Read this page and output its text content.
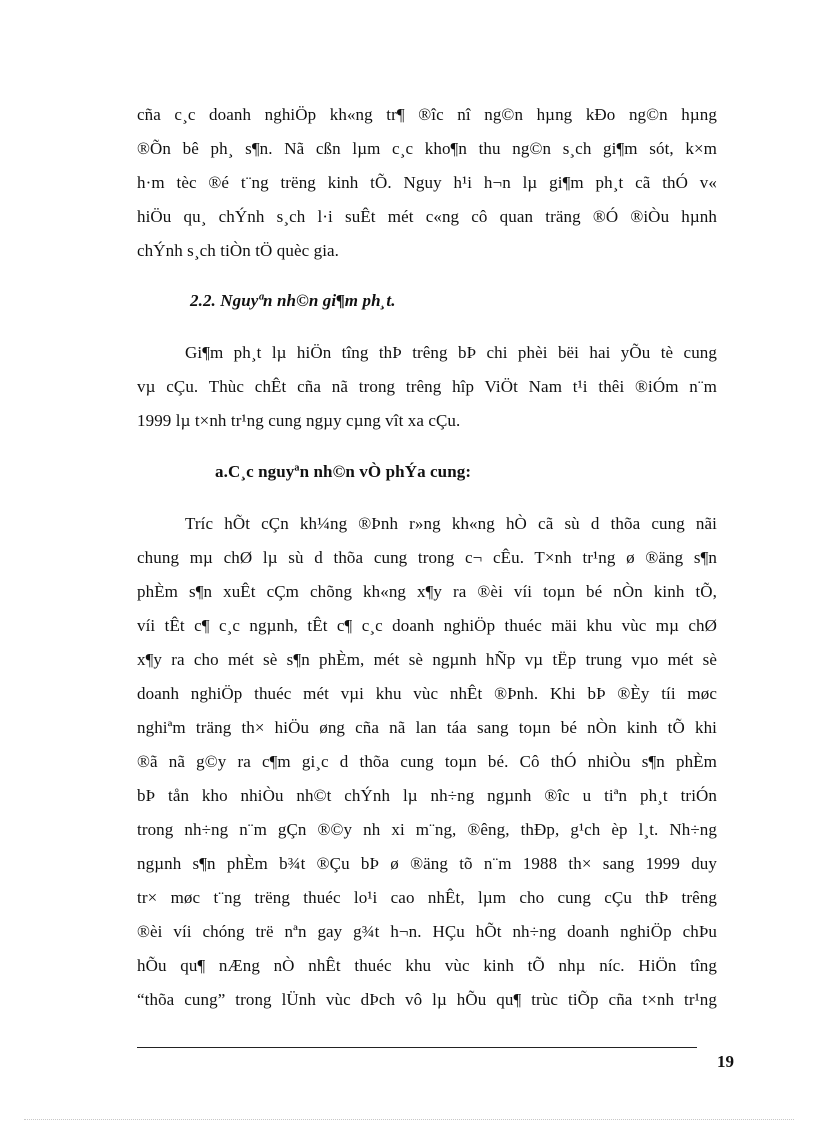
cña c¸c doanh nghiÖp kh«ng tr¶ ®îc nî ng©n hµng kÐo ng©n hµng
®Õn bê ph¸ s¶n. Nã cßn lµm c¸c kho¶n thu ng©n s¸ch gi¶m sót, k×m
h·m tèc ®é t¨ng trëng kinh tÕ. Nguy h¹i h¬n lµ gi¶m ph¸t cã thÓ v«
hiÖu qu¸ chÝnh s¸ch l·i suÊt mét c«ng cô quan träng ®Ó ®iÒu hµnh
chÝnh s¸ch tiÒn tÖ quèc gia.
2.2. Nguyªn nh©n gi¶m ph¸t.
Gi¶m ph¸t lµ hiÖn tîng thÞ trêng bÞ chi phèi bëi hai yÕu tè cung
vµ cÇu. Thùc chÊt cña nã trong trêng hîp ViÖt Nam t¹i thêi ®iÓm n¨m
1999 lµ t×nh tr¹ng cung ngµy cµng vît xa cÇu.
a.C¸c nguyªn nh©n vÒ phÝa cung:
Tríc hÕt cÇn kh¼ng ®Þnh r»ng kh«ng hÒ cã sù d thõa cung nãi
chung mµ chØ lµ sù d thõa cung trong c¬ cÊu. T×nh tr¹ng ø ®äng s¶n
phÈm s¶n xuÊt cÇm chõng kh«ng x¶y ra ®èi víi toµn bé nÒn kinh tÕ,
víi tÊt c¶ c¸c ngµnh, tÊt c¶ c¸c doanh nghiÖp thuéc mäi khu vùc mµ chØ
x¶y ra cho mét sè s¶n phÈm, mét sè ngµnh hÑp vµ tËp trung vµo mét sè
doanh nghiÖp thuéc mét vµi khu vùc nhÊt ®Þnh. Khi bÞ ®Èy tíi møc
nghiªm träng th× hiÖu øng cña nã lan táa sang toµn bé nÒn kinh tÕ khi
®ã nã g©y ra c¶m gi¸c d thõa cung toµn bé. Cô thÓ nhiÒu s¶n phÈm
bÞ tån kho nhiÒu nh©t chÝnh lµ nh÷ng ngµnh ®îc u tiªn ph¸t triÓn
trong nh÷ng n¨m gÇn ®©y nh xi m¨ng, ®êng, thÐp, g¹ch èp l¸t. Nh÷ng
ngµnh s¶n phÈm b¾t ®Çu bÞ ø ®äng tõ n¨m 1988 th× sang 1999 duy
tr× møc t¨ng trëng thuéc lo¹i cao nhÊt, lµm cho cung cÇu thÞ trêng
®èi víi chóng trë nªn gay g¾t h¬n. HÇu hÕt nh÷ng doanh nghiÖp chÞu
hÕu qu¶ nÆng nÒ nhÊt thuéc khu vùc kinh tÕ nhµ níc. HiÖn tîng
“thõa cung” trong lÜnh vùc dÞch vô lµ hÕu qu¶ trùc tiÕp cña t×nh tr¹ng
19
